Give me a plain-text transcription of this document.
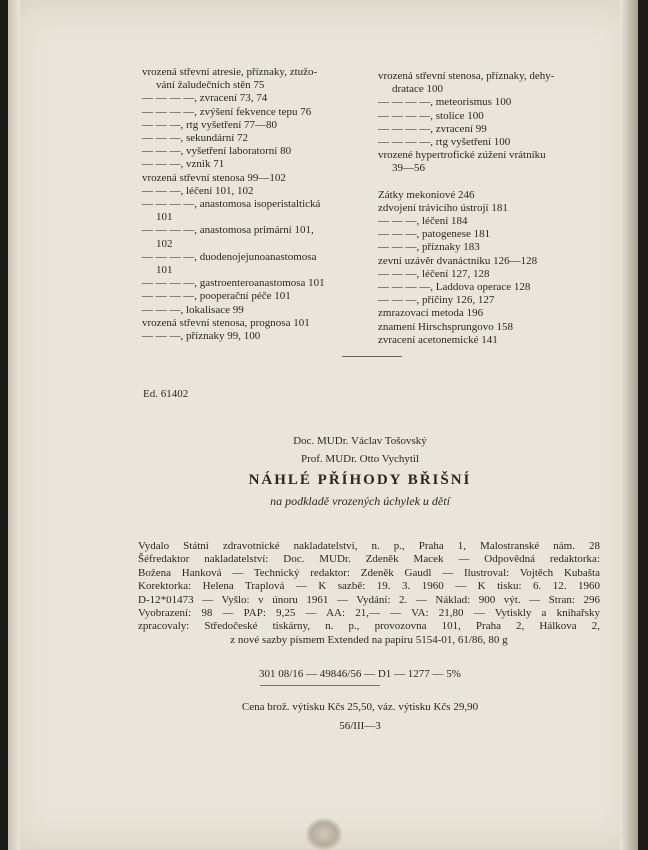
vrozená střevní atresie, příznaky, ztužo-
vání žaludečních stěn 75
— — — —, zvracení 73, 74
— — — —, zvýšení fekvence tepu 76
— — —, rtg vyšetření 77—80
— — —, sekundární 72
— — —, vyšetření laboratorní 80
— — —, vznik 71
vrozená střevní stenosa 99—102
— — —, léčení 101, 102
— — — —, anastomosa isoperistaltická
101
— — — —, anastomosa primární 101,
102
— — — —, duodenojejunoanastomosa
101
— — — —, gastroenteroanastomosa 101
— — — —, pooperační péče 101
— — —, lokalisace 99
vrozená střevní stenosa, prognosa 101
— — —, příznaky 99, 100
vrozená střevní stenosa, příznaky, dehy-
dratace 100
— — — —, meteorismus 100
— — — —, stolice 100
— — — —, zvracení 99
— — — —, rtg vyšetření 100
vrozené hypertrofické zúžení vrátníku
39—56
Zátky mekoniové 246
zdvojení trávicího ústrojí 181
— — —, léčení 184
— — —, patogenese 181
— — —, příznaky 183
zevní uzávěr dvanáctníku 126—128
— — —, léčení 127, 128
— — — —, Laddova operace 128
— — —, příčiny 126, 127
zmrazovací metoda 196
znamení Hirschsprungovo 158
zvracení acetonemické 141
Ed. 61402
Doc. MUDr. Václav Tošovský
Prof. MUDr. Otto Vychytil
NÁHLÉ PŘÍHODY BŘIŠNÍ
na podkladě vrozených úchylek u dětí
Vydalo Státní zdravotnické nakladatelství, n. p., Praha 1, Malostranské nám. 28
Šéfredaktor nakladatelství: Doc. MUDr. Zdeněk Macek — Odpovědná redaktorka:
Božena Hanková — Technický redaktor: Zdeněk Gaudl — Ilustroval: Vojtěch Kubašta
Korektorka: Helena Traplová — K sazbě: 19. 3. 1960 — K tisku: 6. 12. 1960
D-12*01473 — Vyšlo: v únoru 1961 — Vydání: 2. — Náklad: 900 výt. — Stran: 296
Vyobrazení: 98 — PAP: 9,25 — AA: 21,— — VA: 21,80 — Vytiskly a knihařsky
zpracovaly: Středočeské tiskárny, n. p., provozovna 101, Praha 2, Hálkova 2,
z nové sazby písmem Extended na papíru 5154-01, 61/86, 80 g
301 08/16 — 49846/56 — D1 — 1277 — 5%
Cena brož. výtisku Kčs 25,50, váz. výtisku Kčs 29,90
56/III—3
